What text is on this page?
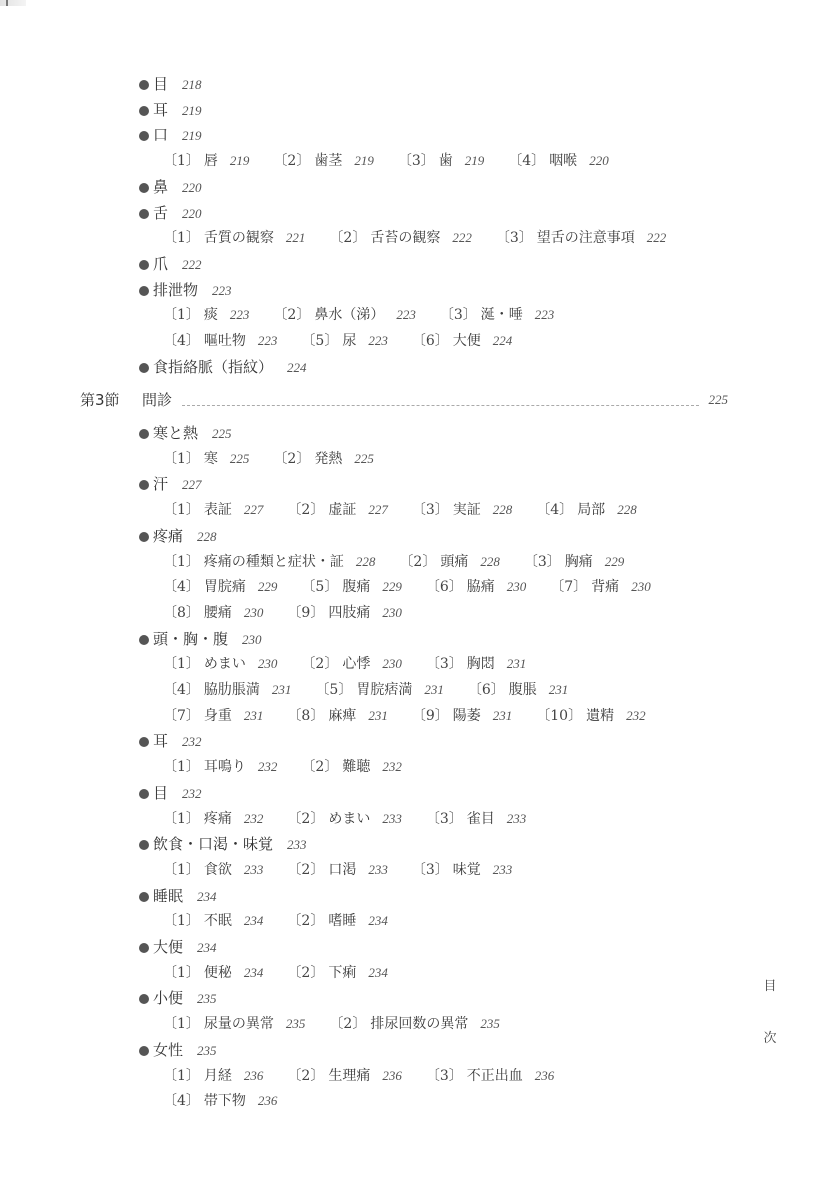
第3節	問診	225
目 218
耳 219
口 219
〔1〕 唇 219 〔2〕 歯茎 219 〔3〕 歯 219 〔4〕 咽喉 220
鼻 220
舌 220
〔1〕 舌質の観察 221 〔2〕 舌苔の観察 222 〔3〕 望舌の注意事項 222
爪 222
排泄物 223
〔1〕 痰 223 〔2〕 鼻水（涕） 223 〔3〕 涎・唾 223
〔4〕 嘔吐物 223 〔5〕 尿 223 〔6〕 大便 224
食指絡脈（指紋） 224
寒と熱 225
〔1〕 寒 225 〔2〕 発熱 225
汗 227
〔1〕 表証 227 〔2〕 虚証 227 〔3〕 実証 228 〔4〕 局部 228
疼痛 228
〔1〕 疼痛の種類と症状・証 228 〔2〕 頭痛 228 〔3〕 胸痛 229
〔4〕 胃脘痛 229 〔5〕 腹痛 229 〔6〕 脇痛 230 〔7〕 背痛 230
〔8〕 腰痛 230 〔9〕 四肢痛 230
頭・胸・腹 230
〔1〕 めまい 230 〔2〕 心悸 230 〔3〕 胸悶 231
〔4〕 脇肋脹満 231 〔5〕 胃脘痞満 231 〔6〕 腹脹 231
〔7〕 身重 231 〔8〕 麻痺 231 〔9〕 陽萎 231 〔10〕 遺精 232
耳 232
〔1〕 耳鳴り 232 〔2〕 難聴 232
目 232
〔1〕 疼痛 232 〔2〕 めまい 233 〔3〕 雀目 233
飲食・口渇・味覚 233
〔1〕 食欲 233 〔2〕 口渇 233 〔3〕 味覚 233
睡眠 234
〔1〕 不眠 234 〔2〕 嗜睡 234
大便 234
〔1〕 便秘 234 〔2〕 下痢 234
小便 235
〔1〕 尿量の異常 235 〔2〕 排尿回数の異常 235
女性 235
〔1〕 月経 236 〔2〕 生理痛 236 〔3〕 不正出血 236
〔4〕 帯下物 236
目
次
